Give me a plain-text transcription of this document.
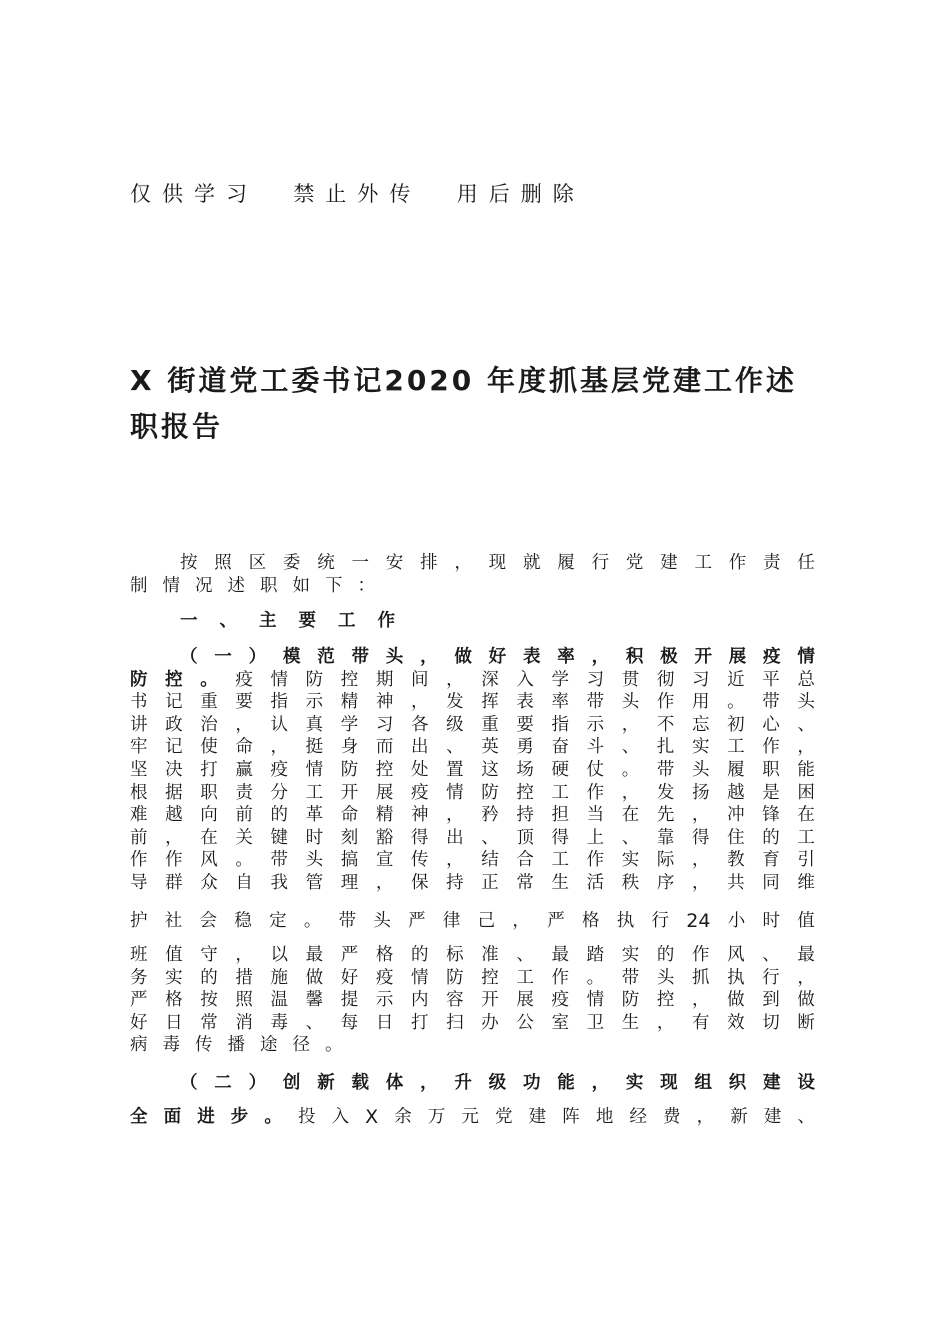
仅供学习  禁止外传  用后删除
X 街道党工委书记2020 年度抓基层党建工作述
职报告
按 照 区 委 统 一 安 排 ， 现 就 履 行 党 建 工 作 责 任
制 情 况 述 职 如 下 ：
一 、 主 要 工 作
（ 一 ） 模 范 带 头 ， 做 好 表 率 ， 积 极 开 展 疫 情
防 控 。 疫 情 防 控 期 间 ， 深 入 学 习 贯 彻 习 近 平 总
书 记 重 要 指 示 精 神 ， 发 挥 表 率 带 头 作 用 。 带 头
讲 政 治 ， 认 真 学 习 各 级 重 要 指 示 ， 不 忘 初 心 、
牢 记 使 命 ， 挺 身 而 出 、 英 勇 奋 斗 、 扎 实 工 作 ，
坚 决 打 赢 疫 情 防 控 处 置 这 场 硬 仗 。 带 头 履 职 能
根 据 职 责 分 工 开 展 疫 情 防 控 工 作 ， 发 扬 越 是 困
难 越 向 前 的 革 命 精 神 ， 矜 持 担 当 在 先 ， 冲 锋 在
前 ， 在 关 键 时 刻 豁 得 出 、 顶 得 上 、 靠 得 住 的 工
作 作 风 。 带 头 搞 宣 传 ， 结 合 工 作 实 际 ， 教 育 引
导 群 众 自 我 管 理 ， 保 持 正 常 生 活 秩 序 ， 共 同 维
护 社 会 稳 定 。 带 头 严 律 己 ， 严 格 执 行 24 小 时 值
班 值 守 ， 以 最 严 格 的 标 准 、 最 踏 实 的 作 风 、 最
务 实 的 措 施 做 好 疫 情 防 控 工 作 。 带 头 抓 执 行 ，
严 格 按 照 温 馨 提 示 内 容 开 展 疫 情 防 控 ， 做 到 做
好 日 常 消 毒 、 每 日 打 扫 办 公 室 卫 生 ， 有 效 切 断
病 毒 传 播 途 径 。
（ 二 ） 创 新 载 体 ， 升 级 功 能 ， 实 现 组 织 建 设
全 面 进 步 。 投 入 X 余 万 元 党 建 阵 地 经 费 ， 新 建 、
